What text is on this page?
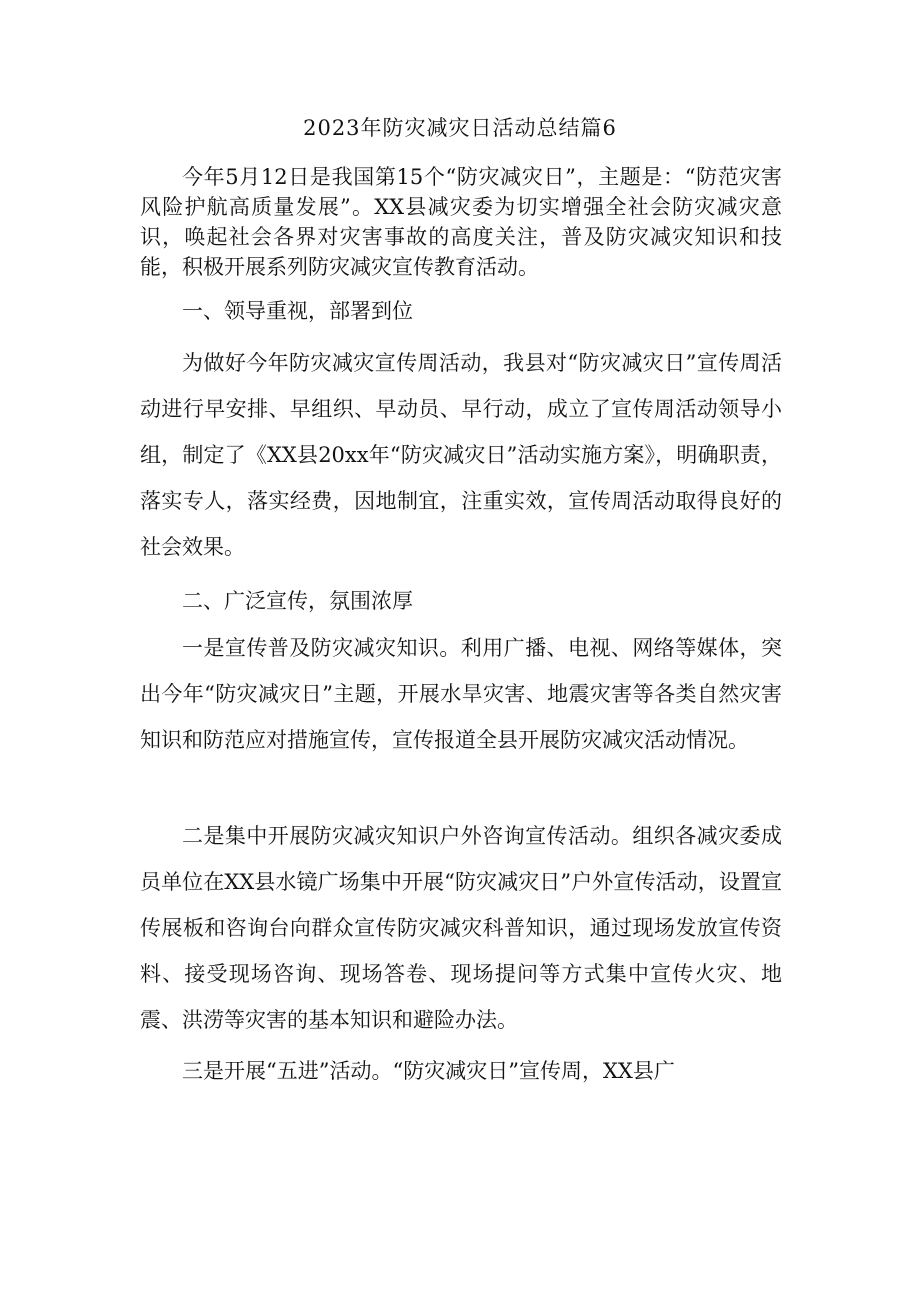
2023年防灾减灾日活动总结篇6

今年5月12日是我国第15个“防灾减灾日”，主题是：“防范灾害风险护航高质量发展”。XX县减灾委为切实增强全社会防灾减灾意识，唤起社会各界对灾害事故的高度关注，普及防灾减灾知识和技能，积极开展系列防灾减灾宣传教育活动。

一、领导重视，部署到位

为做好今年防灾减灾宣传周活动，我县对“防灾减灾日”宣传周活动进行早安排、早组织、早动员、早行动，成立了宣传周活动领导小组，制定了《XX县20xx年“防灾减灾日”活动实施方案》，明确职责，落实专人，落实经费，因地制宜，注重实效，宣传周活动取得良好的社会效果。

二、广泛宣传，氛围浓厚

一是宣传普及防灾减灾知识。利用广播、电视、网络等媒体，突出今年“防灾减灾日”主题，开展水旱灾害、地震灾害等各类自然灾害知识和防范应对措施宣传，宣传报道全县开展防灾减灾活动情况。

二是集中开展防灾减灾知识户外咨询宣传活动。组织各减灾委成员单位在XX县水镜广场集中开展“防灾减灾日”户外宣传活动，设置宣传展板和咨询台向群众宣传防灾减灾科普知识，通过现场发放宣传资料、接受现场咨询、现场答卷、现场提问等方式集中宣传火灾、地震、洪涝等灾害的基本知识和避险办法。

三是开展“五进”活动。“防灾减灾日”宣传周，XX县广
